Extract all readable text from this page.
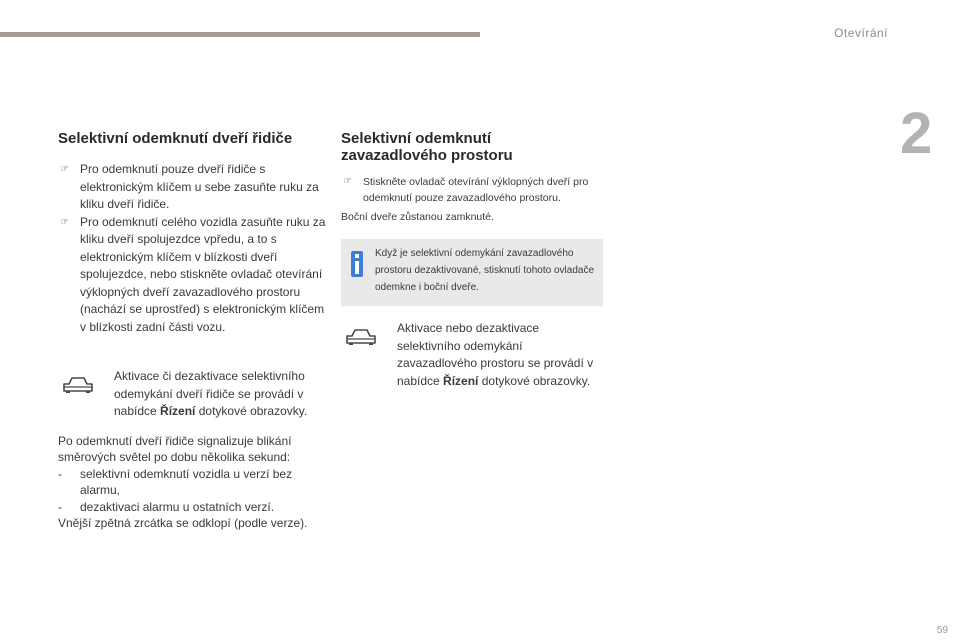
Otevírání
2
Selektivní odemknutí dveří řidiče
☞ Pro odemknutí pouze dveří řidiče s elektronickým klíčem u sebe zasuňte ruku za kliku dveří řidiče.
☞ Pro odemknutí celého vozidla zasuňte ruku za kliku dveří spolujezdce vpředu, a to s elektronickým klíčem v blízkosti dveří spolujezdce, nebo stiskněte ovladač otevírání výklopných dveří zavazadlového prostoru (nachází se uprostřed) s elektronickým klíčem v blízkosti zadní části vozu.
Aktivace či dezaktivace selektivního odemykání dveří řidiče se provádí v nabídce Řízení dotykové obrazovky.
Po odemknutí dveří řidiče signalizuje blikání směrových světel po dobu několika sekund:
- selektivní odemknutí vozidla u verzí bez alarmu,
- dezaktivaci alarmu u ostatních verzí.
Vnější zpětná zrcátka se odklopí (podle verze).
Selektivní odemknutí
zavazadlového prostoru
☞ Stiskněte ovladač otevírání výklopných dveří pro odemknutí pouze zavazadlového prostoru.
Boční dveře zůstanou zamknuté.
Když je selektivní odemykání zavazadlového prostoru dezaktivované, stisknutí tohoto ovladače odemkne i boční dveře.
Aktivace nebo dezaktivace selektivního odemykání zavazadlového prostoru se provádí v nabídce Řízení dotykové obrazovky.
59
